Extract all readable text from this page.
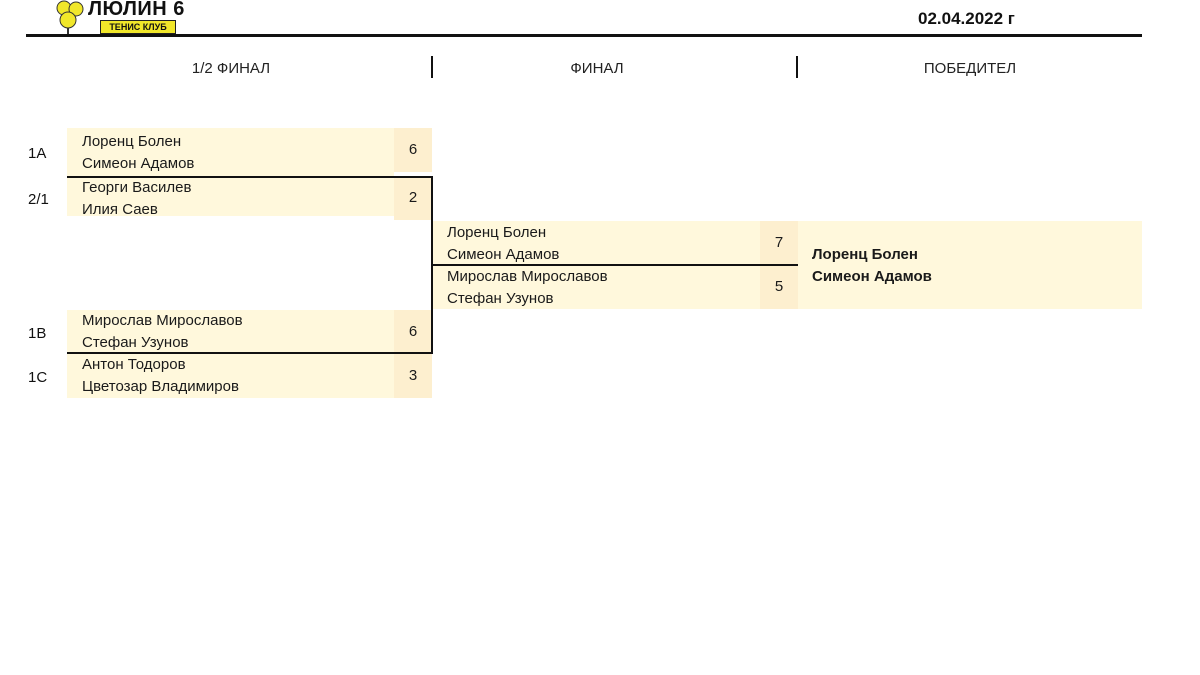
ЛЮЛИН 6
ТЕНИС КЛУБ	02.04.2022 г
1/2 ФИНАЛ	ФИНАЛ	ПОБЕДИТЕЛ
6
2
1А
Лоренц Болен
Симеон Адамов
2/1
Георги Василев
Илия Саев
6
3
1В
Мирослав Мирославов
Стефан Узунов
1С
Антон Тодоров
Цветозар Владимиров
7
5
Лоренц Болен
Симеон Адамов
Мирослав Мирославов
Стефан Узунов
Лоренц Болен
Симеон Адамов
